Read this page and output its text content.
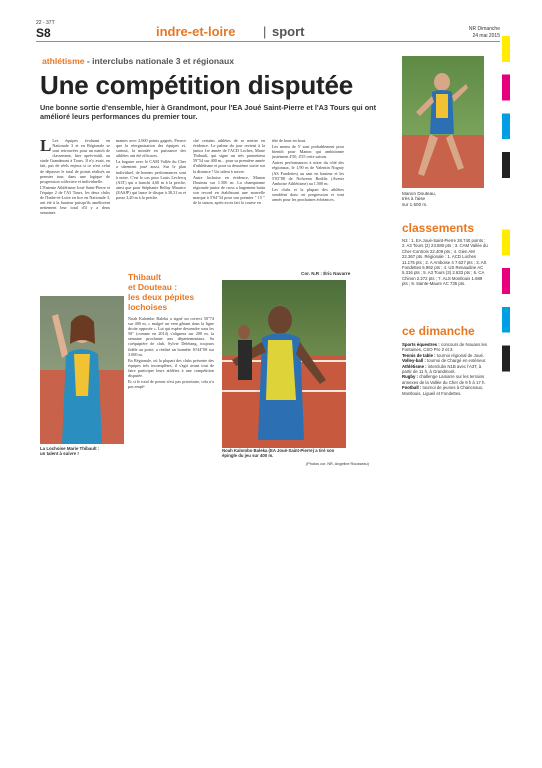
22 - 37T
S8	indre-et-loire | sport	NR Dimanche
24 mai 2015
athlétisme - interclubs nationale 3 et régionaux
Une compétition disputée
Une bonne sortie d'ensemble, hier à Grandmont, pour l'EA Joué Saint-Pierre et l'A3 Tours qui ont amélioré leurs performances du premier tour.

L Les équipes évoluant en Nationale 3 et en Régionale se sont retrouvées pour un match de classement, hier après-midi, au stade Grandmont à Tours. Il n'y avait, en fait, pas de réels enjeux si ce n'est celui de dépasser le total de points réalisés au premier tour, dans une logique de progression collective et individuelle.

L'Entente Athlétisme Joué Saint-Pierre et l'équipe 2 de l'A3 Tours, les deux clubs de l'Indre-et-Loire en lice en Nationale 3, ont été à la hauteur puisqu'ils améliorent nettement leur total d'il y a deux semaines

maines avec 2.000 points gagnés. Preuve que la réorganisation des équipes et, surtout, la montée en puissance des athlètes ont été efficaces.

La bagarre avec le CAM Vallée du Cher a sûrement joué aussi. Sur le plan individuel, de bonnes performances sont à noter. C'est le cas pour Louis Leclercq (A3T) qui a franchi 4,60 m à la perche, ainsi que pour Stéphanie Bellay Maurice (EASJP) qui lance le disque à 38,31 m et passe 3,20 m à la perche.

ché certains athlètes de se mettre en évidence. Le palme du jour revient à la junior 1re année de l'ACD Loches, Marie Thibault, qui signe un très prometteur 59"54 sur 400 m... pour sa première année d'athlétisme et pour sa deuxième sortie sur la distance ! Un talent à suivre.

Autre lochoise en évidence, Manon Douteau sur 1.500 m. La championne régionale junior de cross a largement battu son record en établissant une nouvelle marque à 5'04"34 pour son premier " 15 " de la saison, après avoir fait la course en

tête de bout en bout.

Les moins de 5' sont probablement pour bientôt pour Manon qui ambitionne justement 4'50, 4'55 cette saison.

Autres performances à noter du côté des régionaux, le 1,90 m de Valentin Nogray (AS Fondettes) au saut en hauteur et les 5'03"88 de Nolwenn Bodilis (Avenir Amboise Athlétisme) au 1.500 m.

Les clubs et la plupart des athlètes semblent donc en progression et sont armés pour les prochaines échéances.

Cor. N.R : Éric Navarre
Thibault
et Douteau :
les deux pépites
lochoises

Noah Kalombo Baleka a signé un correct 50"74 sur 400 m, « malgré un vent gênant dans la ligne droite opposée ». Lui qui espère descendre sous les 50" (comme en 2014) s'alignera sur 200 m, la semaine prochaine aux départementaux. Sa coéquipière de club, Sylvie Delétang, toujours fidèle au poste, a réalisé un honnête 10'44"08 sur 3.000 m.

En Régionale, où la plupart des clubs présente des équipes très incomplètes, il s'agit avant tout de faire participer leurs athlètes à une compétition disputée.

Et si le total de points n'est pas prioritaire, cela n'a pas empê-

La Lochoise Marie Thibault :
un talent à suivre !
Noah Kalombo Baleka (EA Joué-Saint-Pierre) a tiré son épingle du jeu sur 400 m.
(Photos cor. NR, Angeline Rousseau)
Manon Douteau,
très à l'aise
sur 1.500 m.
classements
N3 : 1. EA Joué-Saint-Pierre 28.740 points ; 2. A3 Tours (2) 23.580 pts ; 3. CAM Vallée du Cher-Controis 22.409 pts ; 4. Gien AM 22.367 pts. Régionale : 1. ACD Loches 11.175 pts ; 2. A Amboise 4 7.627 pts ; 3. AS Fondettes 5.992 pts ; 4. US Renaudine AC 5.316 pts ; 5. A3 Tours (3) 2.633 pts ; 6. CA Chinon 2.272 pts ; 7. ALS Montlouis 1.689 pts ; 8. Sainte-Maure AC 735 pts.
ce dimanche
Sports équestres : concours de Nouans les Fontaines, CSO Pro 2 et 3.
Tennis de table : tournoi régional de Joué.
Volley-ball : tournoi de Chargé en extérieur.
Athlétisme : interclubs N1B avec l'A3T, à partir de 11 h, à Grandmont.
Rugby : challenge Lamarre sur les terrains annexes de la Vallée du Cher de 9 h à 17 h.
Football : tournoi de jeunes à Chanceaux, Montlouis, Ligueil et Fondettes.
